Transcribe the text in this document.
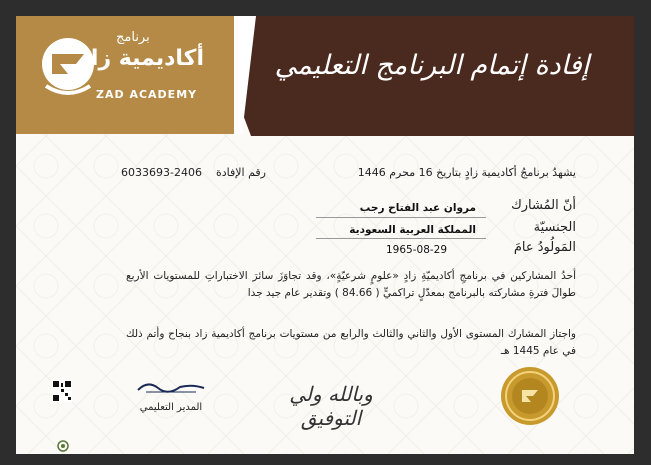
برنامج
أكاديمية زاد
ZAD ACADEMY
إفادة إتمام البرنامج التعليمي
يشهدُ برنامجُ أكاديمية زادٍ بتاريخ 16 محرم 1446
رقم الإفادة    2406-6033693
أنّ المُشارك
مروان عبد الفتاح رجب
الجنسيّة
المملكة العربية السعودية
المَولُودُ عامَ
1965-08-29
أحدُ المشاركين في برنامجِ أكاديميّةِ زادٍ «علومٍ شرعيّةٍ»، وقد تجاوَزَ سائرَ الاختباراتِ للمستويات الأربع طوالَ فترةِ مشاركته بالبرنامج بمعدّلٍ تراكميٍّ ( 84.66 ) وتقدير عام جيد جدا
واجتاز المشارك المستوى الأول والثاني والثالث والرابع من مستويات برنامج أكاديمية زاد بنجاح وأتم ذلك في عام 1445 هـ
المدير التعليمي
وبالله ولي التوفيق
